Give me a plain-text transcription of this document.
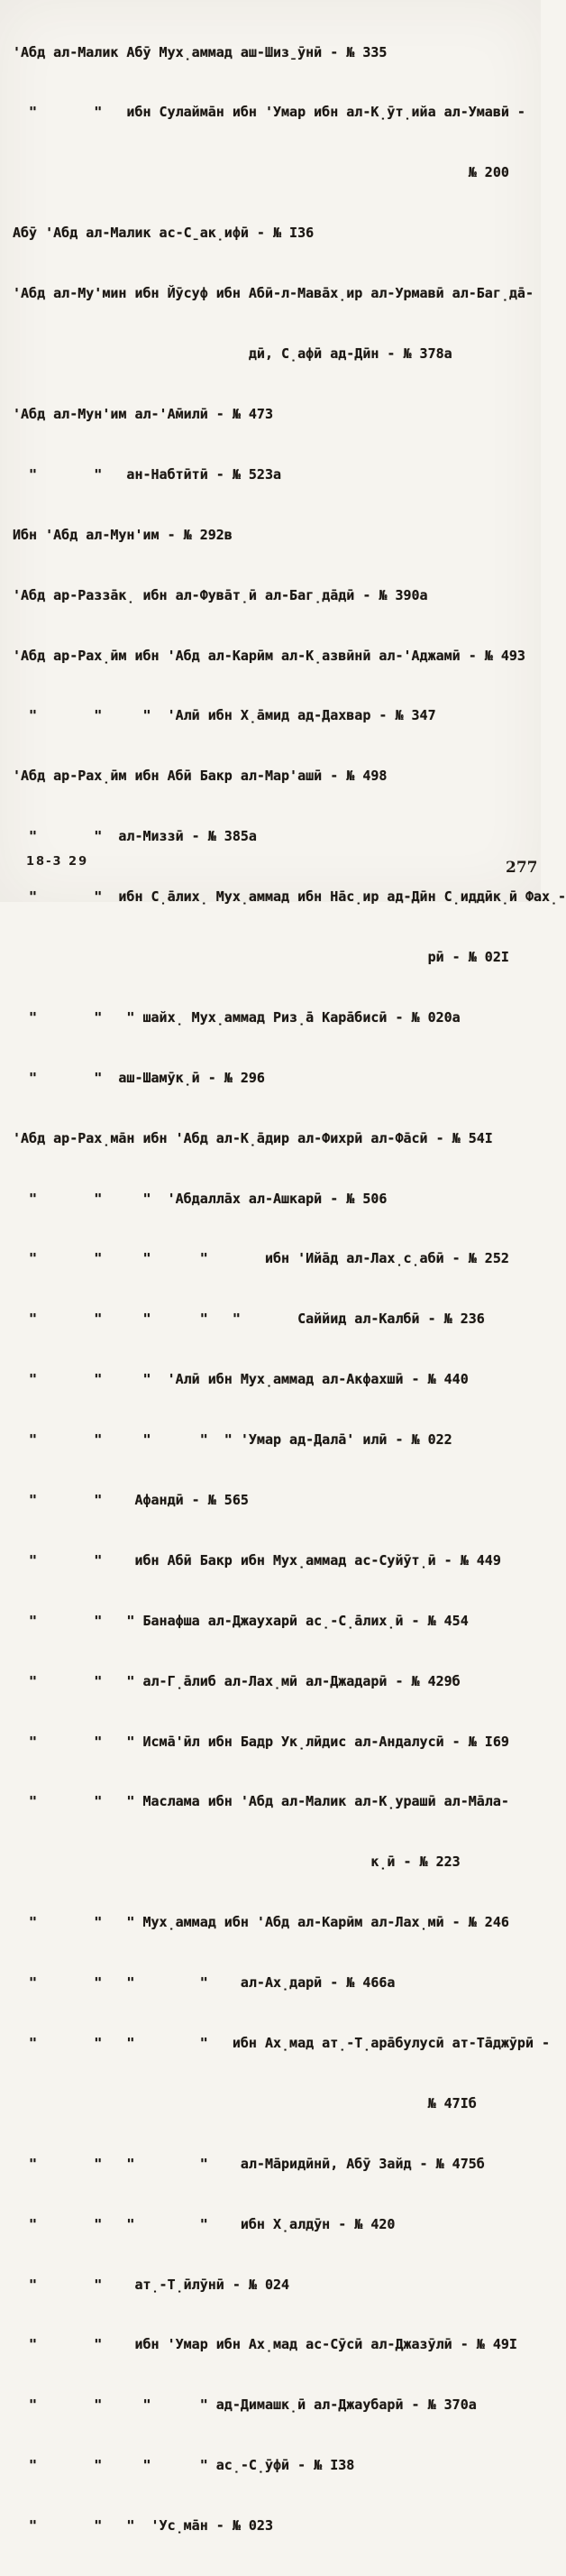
'Абд ал-Малик Абӯ Мух̣аммад аш-Шиз̱ӯнӣ - № 335

"       "   ибн Сулайма̄н ибн 'Умар ибн ал-К̣ӯт̣ийа ал-Умавӣ -

№ 200

Абӯ 'Абд ал-Малик ас-С̱ак̣ифӣ - № I36

'Абд ал-Му'мин ибн Йӯсуф ибн Абӣ-л-Мава̄х̣ир ал-Урмавӣ ал-Баг̣да̄-

дӣ, С̣афӣ ад-Дӣн - № 378а

'Абд ал-Мун'им ал-'А̄милӣ - № 473

"       "   ан-Набтӣтӣ - № 523а

Ибн 'Абд ал-Мун'им - № 292в

'Абд ар-Разза̄к̣ ибн ал-Фува̄т̣ӣ ал-Баг̣да̄дӣ - № 390а

'Абд ар-Рах̣ӣм ибн 'Абд ал-Карӣм ал-К̣азвӣнӣ ал-'Аджамӣ - № 493

"       "     "  'Алӣ ибн Х̣а̄мид ад-Дахвар - № 347

'Абд ар-Рах̣ӣм ибн Абӣ Бакр ал-Мар'ашӣ - № 498

"       "  ал-Миззӣ - № 385а

"       "  ибн С̣а̄лих̣ Мух̣аммад ибн На̄с̣ир ад-Дӣн С̣иддӣк̣ӣ Фах̣-

рӣ - № 02I

"       "   " шайх̣ Мух̣аммад Риз̣а̄ Кара̄бисӣ - № 020а

"       "  аш-Шамӯк̣ӣ - № 296

'Абд ар-Рах̣ма̄н ибн 'Абд ал-К̣а̄дир ал-Фихрӣ ал-Фа̄сӣ - № 54I

"       "     "  'Абдалла̄х ал-Ашкарӣ - № 506

"       "     "      "       ибн 'Ийа̄д ал-Лах̣с̣абӣ - № 252

"       "     "      "   "       Саййид ал-Калбӣ - № 236

"       "     "  'Алӣ ибн Мух̣аммад ал-Акфахшӣ - № 440

"       "     "      "  " 'Умар ад-Дала̄' илӣ - № 022

"       "    Афандӣ - № 565

"       "    ибн Абӣ Бакр ибн Мух̣аммад ас-Суйӯт̣ӣ - № 449

"       "   " Банафша ал-Джаухарӣ ас̣-С̣а̄лих̣ӣ - № 454

"       "   " ал-Г̣а̄либ ал-Лах̣мӣ ал-Джадарӣ - № 429б

"       "   " Исма̄'ӣл ибн Бадр Ук̣лӣдис ал-Андалусӣ - № I69

"       "   " Маслама ибн 'Абд ал-Малик ал-К̣урашӣ ал-Ма̄ла-

к̣ӣ - № 223

"       "   " Мух̣аммад ибн 'Абд ал-Карӣм ал-Лах̣мӣ - № 246

"       "   "        "    ал-Ах̣дарӣ - № 466а

"       "   "        "   ибн Ах̣мад ат̣-Т̣ара̄булусӣ ат-Та̄джӯрӣ -

№ 47Iб

"       "   "        "    ал-Ма̄ридӣнӣ, Абӯ Зайд - № 475б

"       "   "        "    ибн Х̣алдӯн - № 420

"       "    ат̣-Т̣ӣлӯнӣ - № 024

"       "    ибн 'Умар ибн Ах̣мад ас-Сӯсӣ ал-Джазӯлӣ - № 49I

"       "     "      " ад-Димашк̣ӣ ал-Джаубарӣ - № 370а

"       "     "      " ас̣-С̣ӯфӣ - № I38

"       "   "  'Ус̣ма̄н - № 023

18-3 29	277
